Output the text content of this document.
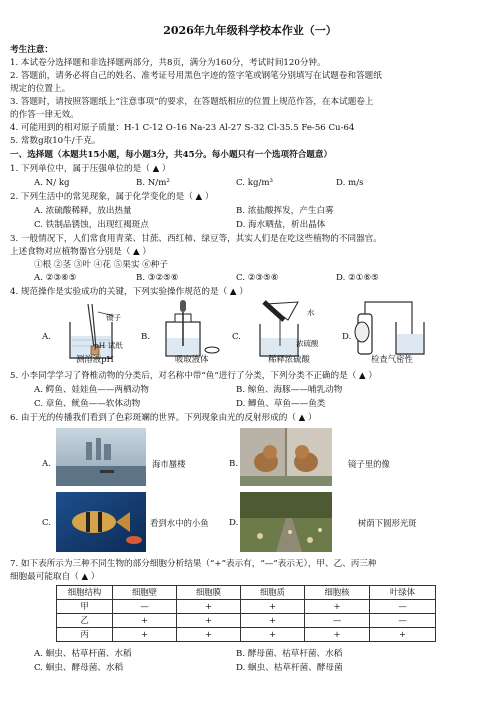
2026年九年级科学校本作业（一）
考生注意：
1. 本试卷分选择题和非选择题两部分，共8页，满分为160分，考试时间120分钟。
2. 答题前，请务必将自己的姓名、准考证号用黑色字迹的签字笔或钢笔分别填写在试题卷和答题纸
规定的位置上。
3. 答题时，请按照答题纸上“注意事项”的要求，在答题纸相应的位置上规范作答，在本试题卷上
的作答一律无效。
4. 可能用到的相对原子质量：H-1 C-12 O-16 Na-23 Al-27 S-32 Cl-35.5 Fe-56 Cu-64
5. 常数g取10牛/千克。
一、选择题（本题共15小题，每小题3分，共45分。每小题只有一个选项符合题意）
1. 下列单位中，属于压强单位的是（ ▲ ）
A. N/ kg	B. N/m²	C. kg/m³	D. m/s
2. 下列生活中的常见现象，属于化学变化的是（ ▲ ）
A. 浓硫酸稀释，放出热量	B. 浓盐酸挥发，产生白雾
C. 铁制品锈蚀，出现红褐斑点	D. 海水晒盐，析出晶体
3. 一般情况下，人们常食用青菜、甘蔗、西红柿、绿豆等，其实人们是在吃这些植物的不同器官。
上述食物对应植物器官分别是（ ▲ ）
①根 ②茎 ③叶 ④花 ⑤果实 ⑥种子
A. ②③⑥⑤	B. ③②⑤⑥	C. ②③⑤⑥	D. ②①⑥⑤
4. 规范操作是实验成功的关键，下列实验操作规范的是（ ▲ ）
A.	B.	C.	D.
镊子
pH 试纸
测溶液pH	吸取液体
水
浓硫酸
稀释浓硫酸	检查气密性
5. 小李同学学习了脊椎动物的分类后，对名称中带“鱼”进行了分类，下列分类不正确的是（ ▲ ）
A. 鳄鱼、娃娃鱼——两栖动物	B. 鲸鱼、海豚——哺乳动物
C. 章鱼、鱿鱼——软体动物	D. 鲫鱼、草鱼——鱼类
6. 由于光的传播我们看到了色彩斑斓的世界。下列现象由光的反射形成的（ ▲ ）
A.	B.
C.	D.
海市蜃楼	镜子里的像
看到水中的小鱼	树荫下圆形光斑
7. 如下表所示为三种不同生物的部分细胞分析结果（“+”表示有，“—”表示无），甲、乙、丙三种
细胞最可能取自（ ▲ ）
细胞结构	细胞壁	细胞膜	细胞质	细胞核	叶绿体
甲	—	+	+	+	—
乙	+	+	+	—	—
丙	+	+	+	+	+
A. 蛔虫、枯草杆菌、水稻	B. 酵母菌、枯草杆菌、水稻
C. 蛔虫、酵母菌、水稻	D. 蛔虫、枯草杆菌、酵母菌
